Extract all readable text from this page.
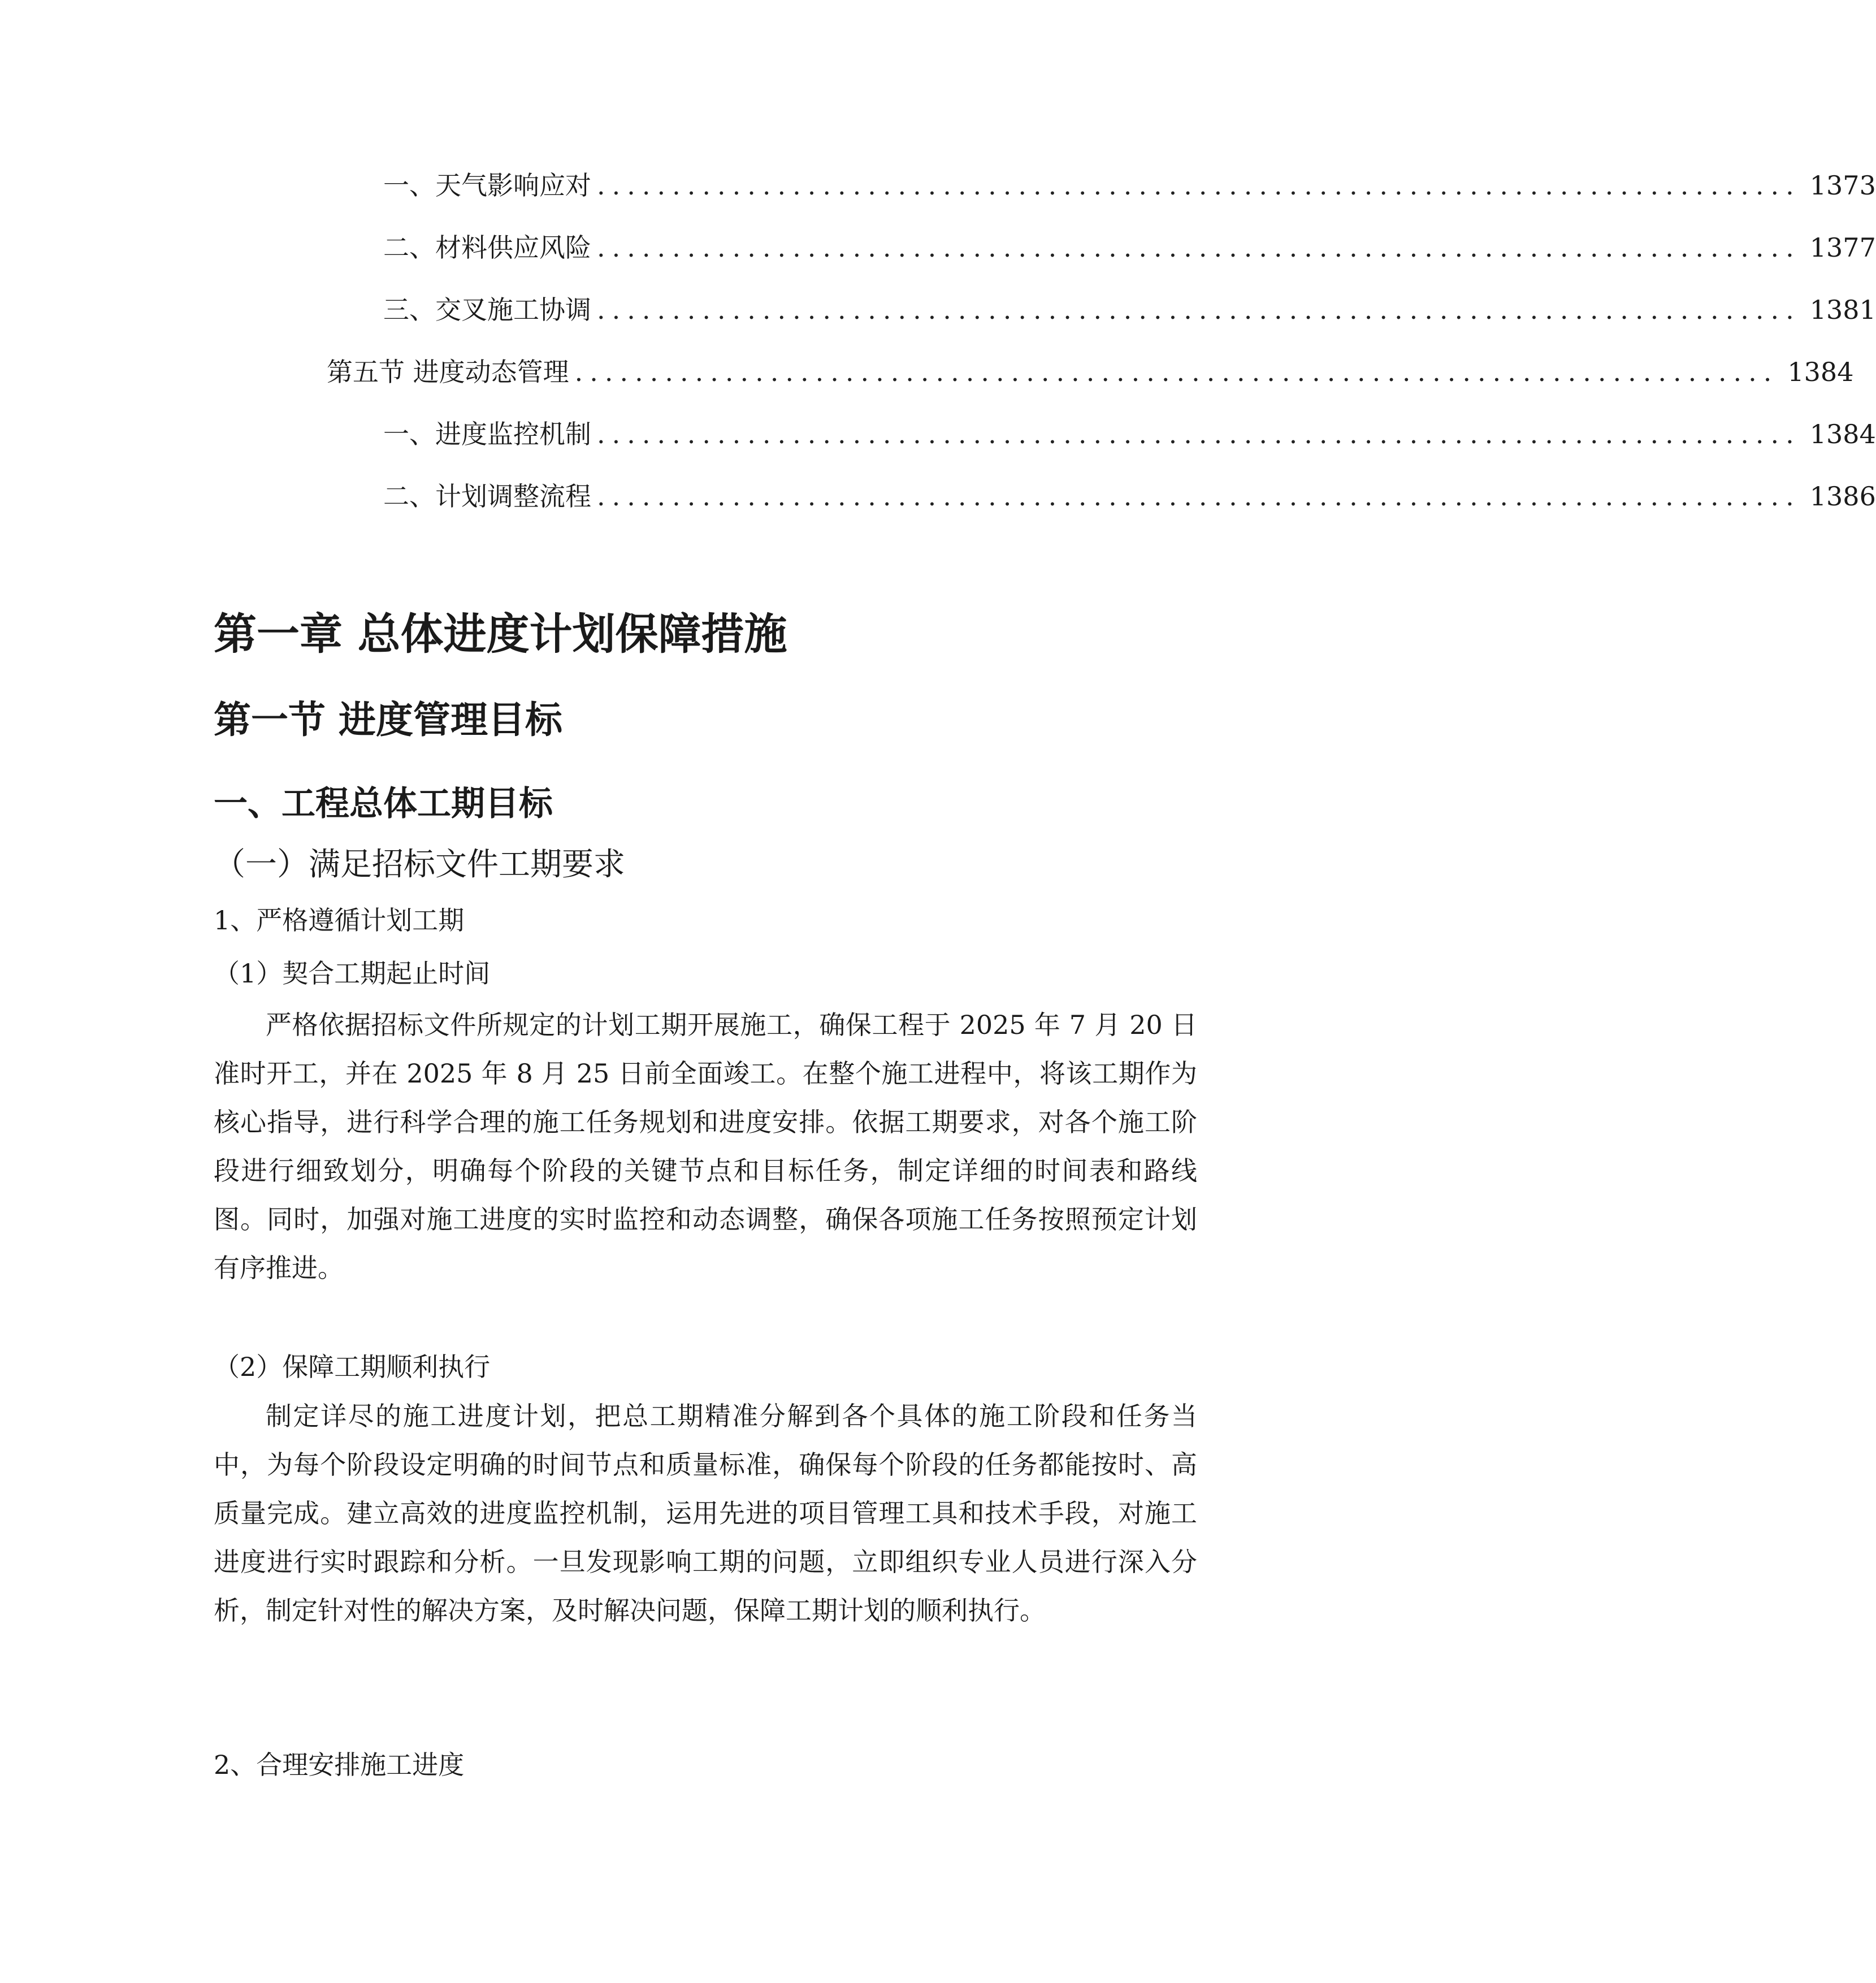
一、 天气影响应对 ................................................................................ 1373
二、 材料供应风险 ................................................................................ 1377
三、 交叉施工协调 ................................................................................ 1381
第五节 进度动态管理 ................................................................................ 1384
一、 进度监控机制 ................................................................................ 1384
二、 计划调整流程 ................................................................................ 1386
第一章 总体进度计划保障措施
第一节 进度管理目标
一、工程总体工期目标
（一）满足招标文件工期要求
1、严格遵循计划工期
（1）契合工期起止时间

严格依据招标文件所规定的计划工期开展施工，确保工程于 2025 年 7 月 20 日准时开工，并在 2025 年 8 月 25 日前全面竣工。在整个施工进程中，将该工期作为核心指导，进行科学合理的施工任务规划和进度安排。依据工期要求，对各个施工阶段进行细致划分，明确每个阶段的关键节点和目标任务，制定详细的时间表和路线图。同时，加强对施工进度的实时监控和动态调整，确保各项施工任务按照预定计划有序推进。

（2）保障工期顺利执行

制定详尽的施工进度计划，把总工期精准分解到各个具体的施工阶段和任务当中，为每个阶段设定明确的时间节点和质量标准，确保每个阶段的任务都能按时、高质量完成。建立高效的进度监控机制，运用先进的项目管理工具和技术手段，对施工进度进行实时跟踪和分析。一旦发现影响工期的问题，立即组织专业人员进行深入分析，制定针对性的解决方案，及时解决问题，保障工期计划的顺利执行。

2、合理安排施工进度
